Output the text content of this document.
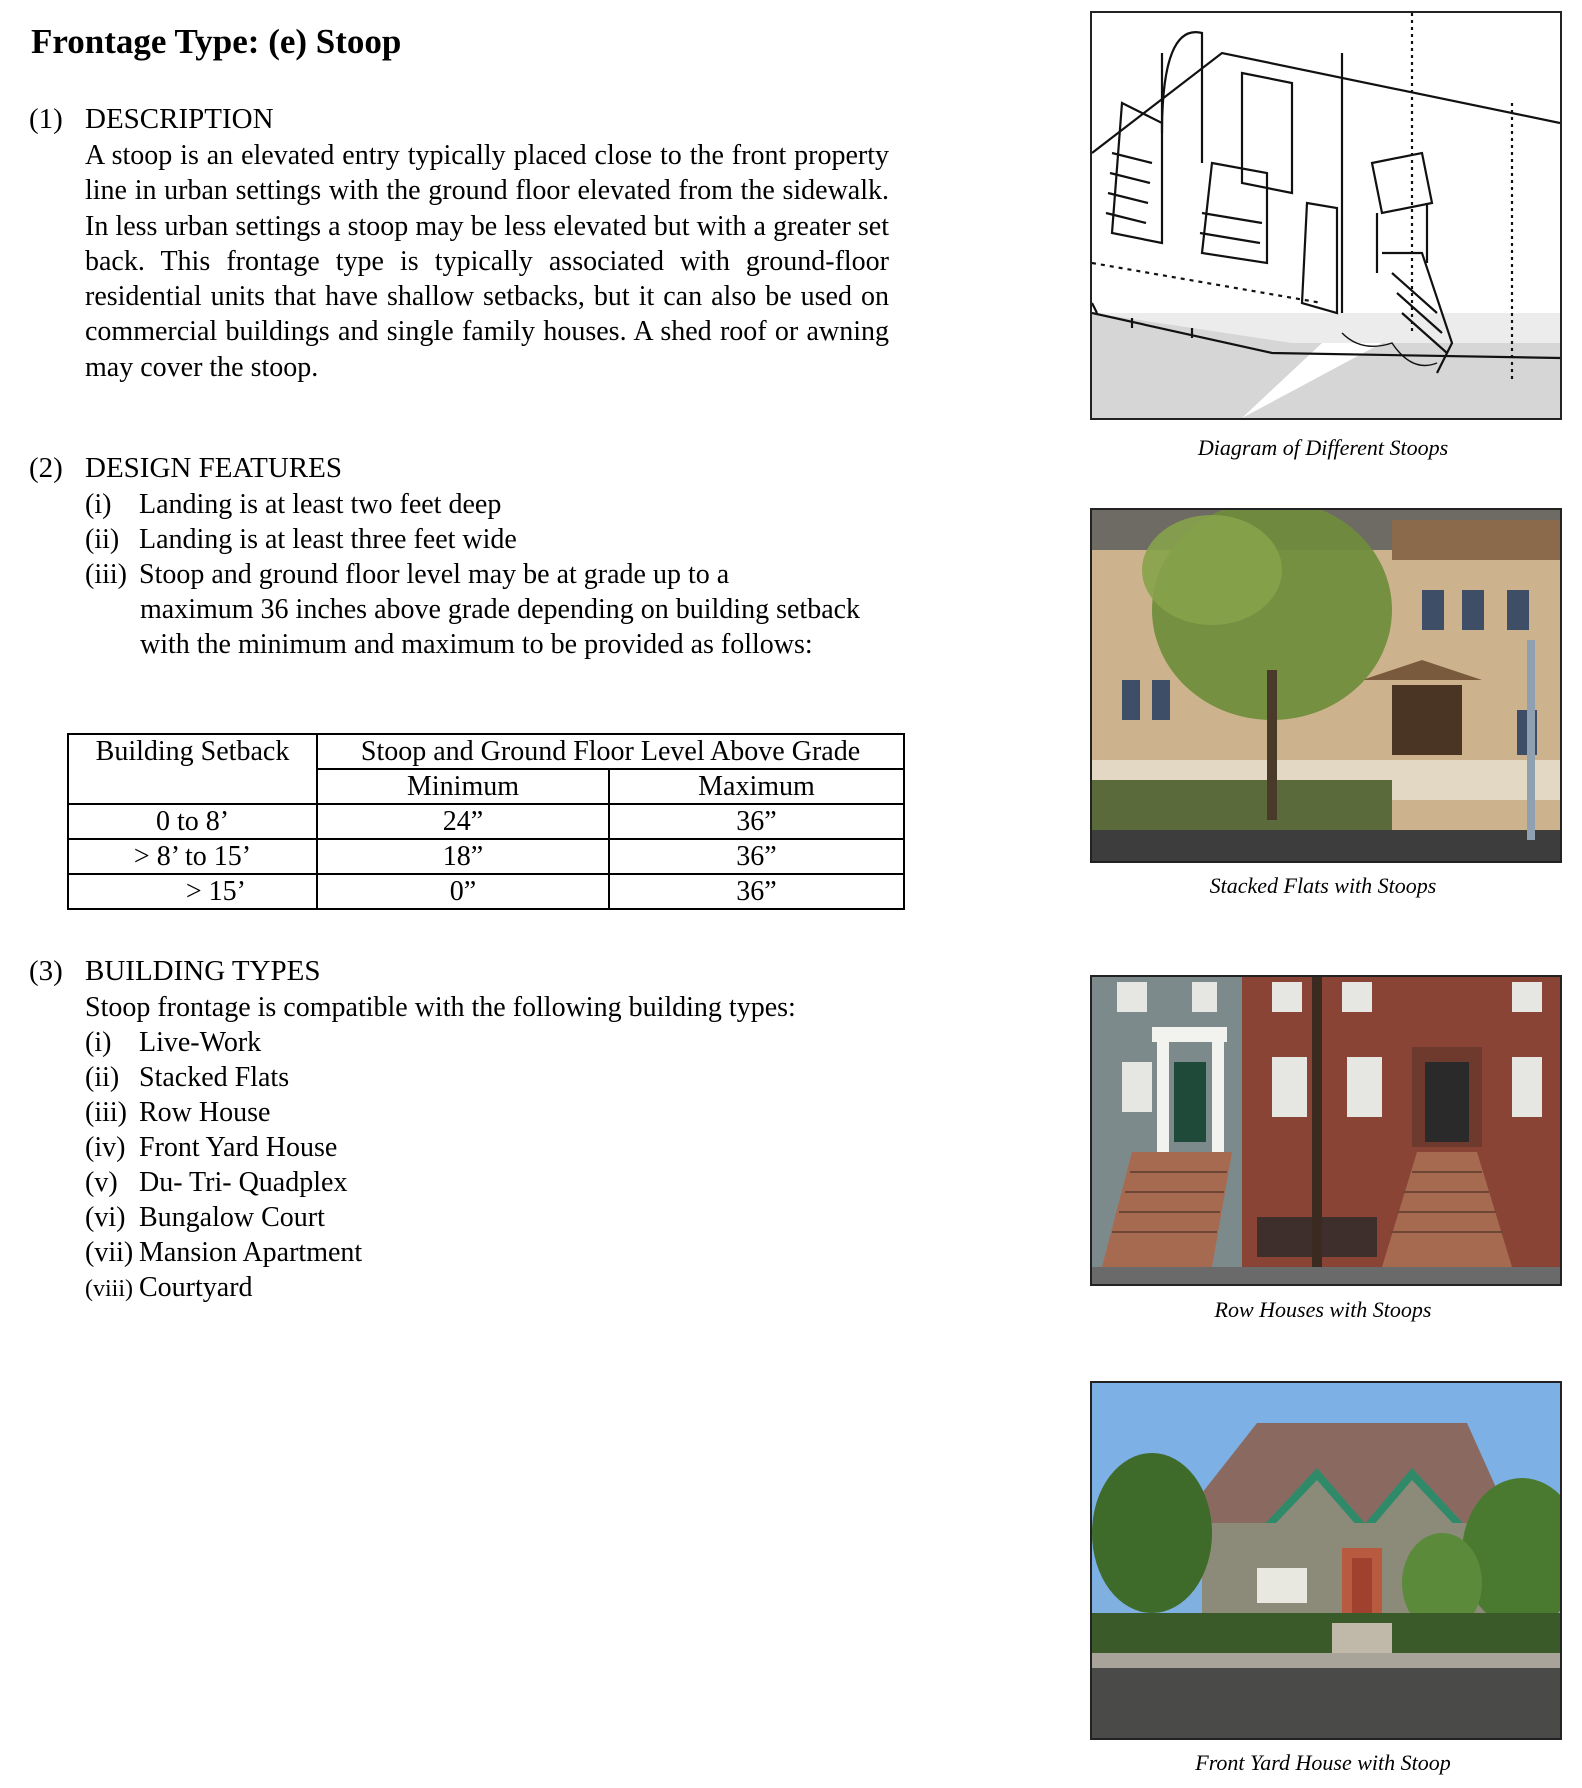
Frontage Type: (e) Stoop
(1) DESCRIPTION
A stoop is an elevated entry typically placed close to the front property line in urban settings with the ground floor elevated from the sidewalk. In less urban settings a stoop may be less elevated but with a greater set back. This frontage type is typically associated with ground-floor residential units that have shallow setbacks, but it can also be used on commercial buildings and single family houses. A shed roof or awning may cover the stoop.
(2) DESIGN FEATURES
(i) Landing is at least two feet deep
(ii) Landing is at least three feet wide
(iii) Stoop and ground floor level may be at grade up to a
maximum 36 inches above grade depending on building setback with the minimum and maximum to be provided as follows:
Building Setback	Stoop and Ground Floor Level Above Grade	
	Minimum	Maximum
0 to 8’	24”	36”
> 8’ to 15’	18”	36”
> 15’	0”	36”
(3) BUILDING TYPES
Stoop frontage is compatible with the following building types:
(i) Live-Work
(ii) Stacked Flats
(iii) Row House
(iv) Front Yard House
(v) Du- Tri- Quadplex
(vi) Bungalow Court
(vii) Mansion Apartment
(viii) Courtyard
Diagram of Different Stoops
Stacked Flats with Stoops
Row Houses with Stoops
Front Yard House with Stoop
